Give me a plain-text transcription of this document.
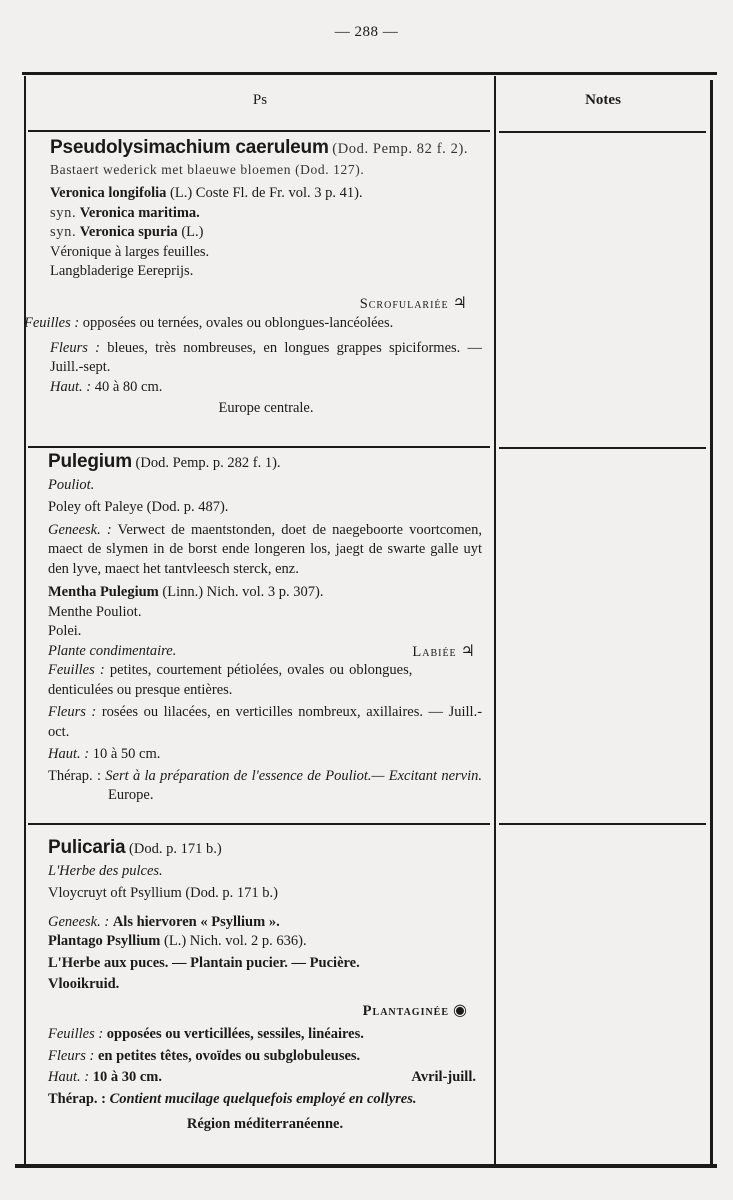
— 288 —
Ps	Notes

Pseudolysimachium caeruleum (Dod. Pemp. 82 f. 2).

Bastaert wederick met blaeuwe bloemen (Dod. 127).

Veronica longifolia (L.) Coste Fl. de Fr. vol. 3 p. 41).

syn. Veronica maritima.

syn. Veronica spuria (L.)

Véronique à larges feuilles.

Langbladerige Eereprijs.

Scrofulariée ♃

Feuilles : opposées ou ternées, ovales ou oblongues-lancéolées.

Fleurs : bleues, très nombreuses, en longues grappes spiciformes. — Juill.-sept.

Haut. : 40 à 80 cm.

Europe centrale.

Pulegium (Dod. Pemp. p. 282 f. 1).

Pouliot.

Poley oft Paleye (Dod. p. 487).

Geneesk. : Verwect de maentstonden, doet de naegeboorte voortcomen, maect de slymen in de borst ende longeren los, jaegt de swarte galle uyt den lyve, maect het tantvleesch sterck, enz.

Mentha Pulegium (Linn.) Nich. vol. 3 p. 307).

Menthe Pouliot.

Polei.

Plante condimentaire.	Labiée ♃

Feuilles : petites, courtement pétiolées, ovales ou oblongues, denticulées ou presque entières.

Fleurs : rosées ou lilacées, en verticilles nombreux, axillaires. — Juill.-oct.

Haut. : 10 à 50 cm.

Thérap. : Sert à la préparation de l'essence de Pouliot.— Excitant nervin. Europe.

Pulicaria (Dod. p. 171 b.)

L'Herbe des pulces.

Vloycruyt oft Psyllium (Dod. p. 171 b.)

Geneesk. : Als hiervoren « Psyllium ».

Plantago Psyllium (L.) Nich. vol. 2 p. 636).

L'Herbe aux puces. — Plantain pucier. — Pucière.

Vlooikruid.

Plantaginée ◉

Feuilles : opposées ou verticillées, sessiles, linéaires.

Fleurs : en petites têtes, ovoïdes ou subglobuleuses.

Haut. : 10 à 30 cm.	Avril-juill.

Thérap. : Contient mucilage quelquefois employé en collyres.

Région méditerranéenne.
